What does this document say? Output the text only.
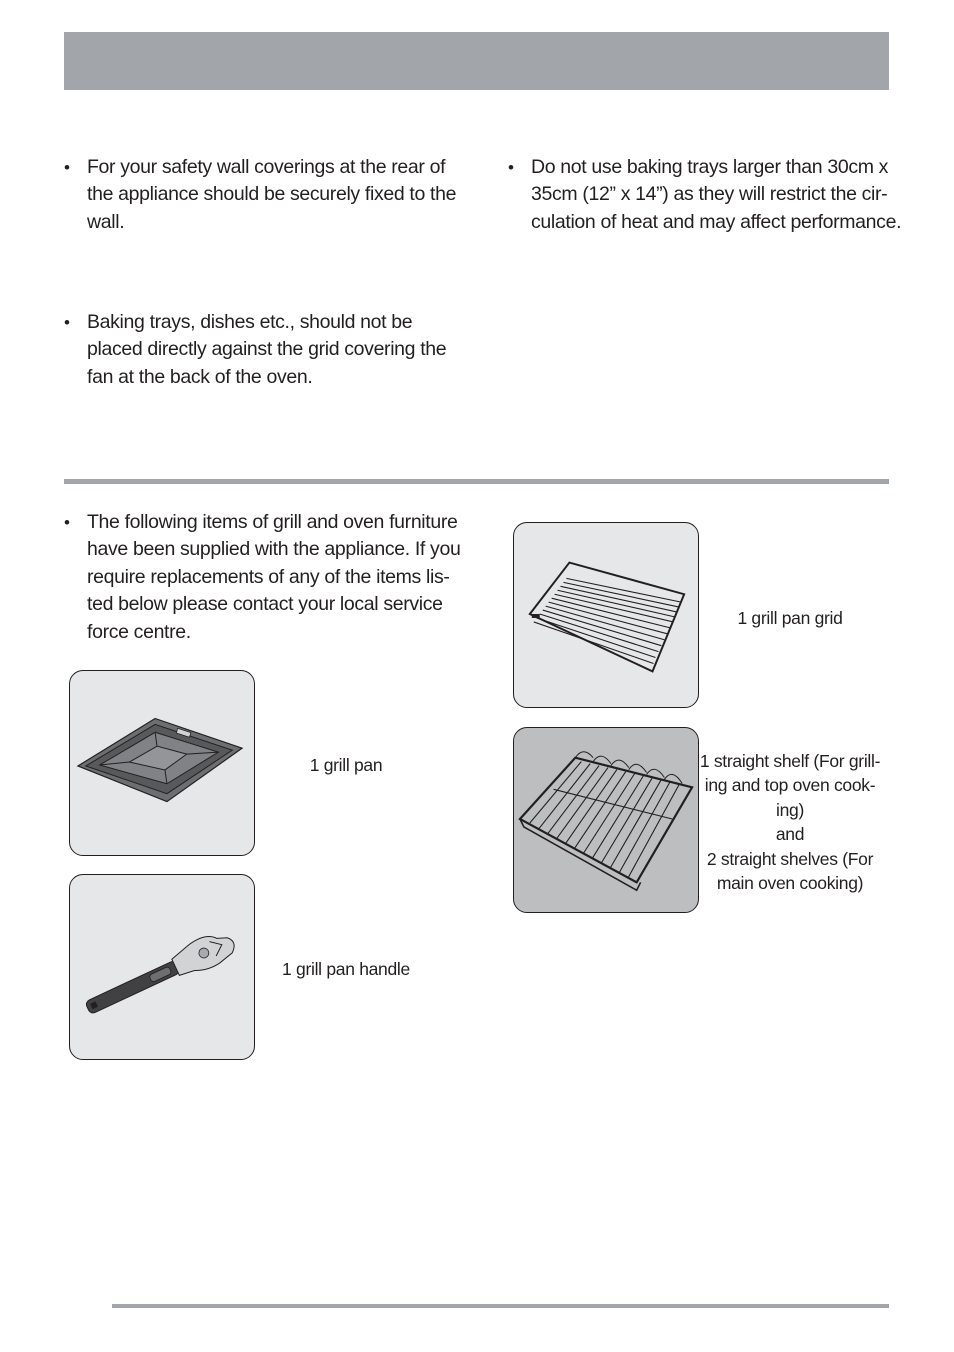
• For your safety wall coverings at the rear of
the appliance should be securely fixed to the
wall.

• Do not use baking trays larger than 30cm x
35cm (12” x 14”) as they will restrict the cir-
culation of heat and may affect performance.

• Baking trays, dishes etc., should not be
placed directly against the grid covering the
fan at the back of the oven.

• The following items of grill and oven furniture
have been supplied with the appliance. If you
require replacements of any of the items lis-
ted below please contact your local service
force centre.

1 grill pan
1 grill pan handle
1 grill pan grid
1 straight shelf (For grill-
ing and top oven cook-
ing)
and
2 straight shelves (For
main oven cooking)
